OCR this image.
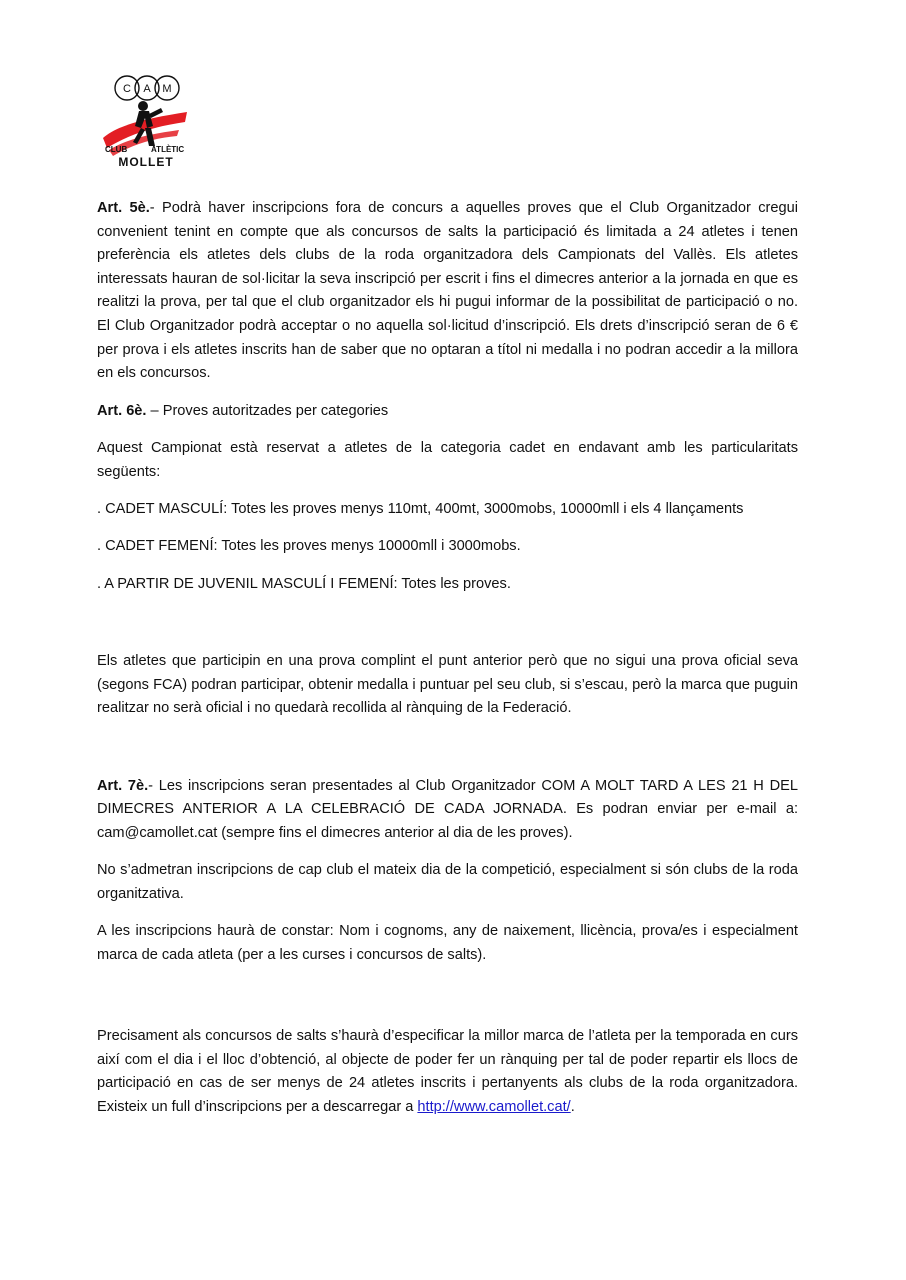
C A M
CLUB	ATLÈTIC
MOLLET

Art. 5è.- Podrà haver inscripcions fora de concurs a aquelles proves que el Club Organitzador cregui convenient tenint en compte que als concursos de salts la participació és limitada a 24 atletes i tenen preferència els atletes dels clubs de la roda organitzadora dels Campionats del Vallès. Els atletes interessats hauran de sol·licitar la seva inscripció per escrit i fins el dimecres anterior a la jornada en que es realitzi la prova, per tal que el club organitzador els hi pugui informar de la possibilitat de participació o no. El Club Organitzador podrà acceptar o no aquella sol·licitud d’inscripció. Els drets d’inscripció seran de 6 € per prova i els atletes inscrits han de saber que no optaran a títol ni medalla i no podran accedir a la millora en els concursos.

Art. 6è. – Proves autoritzades per categories

Aquest Campionat està reservat a atletes de la categoria cadet en endavant amb les particularitats següents:

. CADET MASCULÍ: Totes les proves menys 110mt, 400mt, 3000mobs, 10000mll i els 4 llançaments

. CADET FEMENÍ: Totes les proves menys 10000mll i 3000mobs.

. A PARTIR DE JUVENIL MASCULÍ I FEMENÍ: Totes les proves.

Els atletes que participin en una prova complint el punt anterior però que no sigui una prova oficial seva (segons FCA) podran participar, obtenir medalla i puntuar pel seu club, si s’escau, però la marca que puguin realitzar no serà oficial i no quedarà recollida al rànquing de la Federació.

Art. 7è.- Les inscripcions seran presentades al Club Organitzador COM A MOLT TARD A LES 21 H DEL DIMECRES ANTERIOR A LA CELEBRACIÓ DE CADA JORNADA. Es podran enviar per e-mail a: cam@camollet.cat (sempre fins el dimecres anterior al dia de les proves).

No s’admetran inscripcions de cap club el mateix dia de la competició, especialment si són clubs de la roda organitzativa.

A les inscripcions haurà de constar: Nom i cognoms, any de naixement, llicència, prova/es i especialment marca de cada atleta (per a les curses i concursos de salts).

Precisament als concursos de salts s’haurà d’especificar la millor marca de l’atleta per la temporada en curs així com el dia i el lloc d’obtenció, al objecte de poder fer un rànquing per tal de poder repartir els llocs de participació en cas de ser menys de 24 atletes inscrits i pertanyents als clubs de la roda organitzadora. Existeix un full d’inscripcions per a descarregar a http://www.camollet.cat/.
